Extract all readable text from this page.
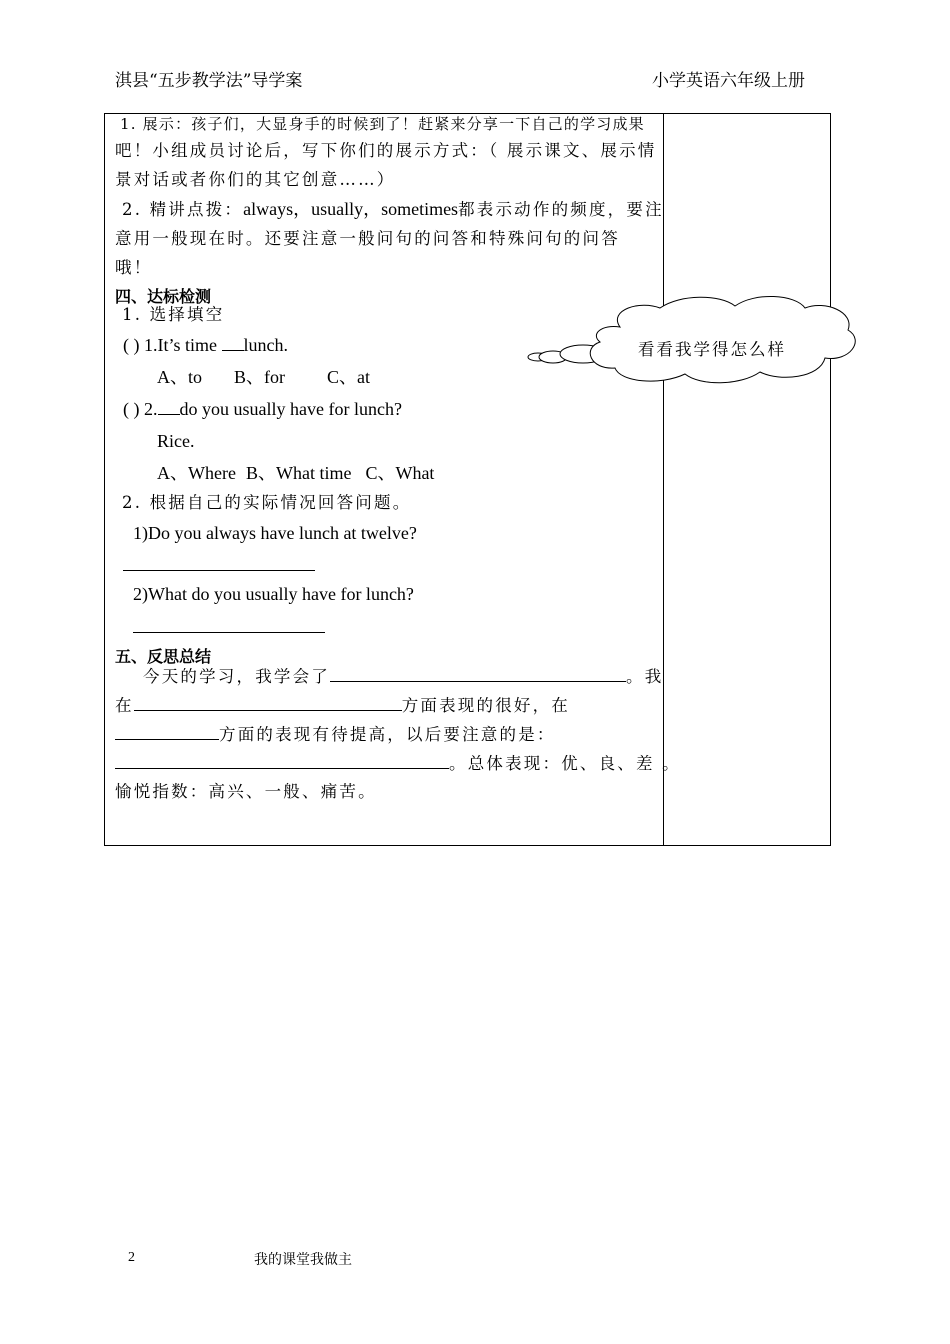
淇县“五步教学法”导学案	小学英语六年级上册
1. 展示：孩子们，大显身手的时候到了！赶紧来分享一下自己的学习成果
吧！小组成员讨论后，写下你们的展示方式：（ 展示课文、展示情
景对话或者你们的其它创意……）
2. 精讲点拨：always，usually，sometimes都表示动作的频度，要注
意用一般现在时。还要注意一般问句的问答和特殊问句的问答
哦！
四、达标检测
1. 选择填空
( ) 1.It’s time lunch.
A、to B、for C、at
( ) 2. do you usually have for lunch?
Rice.
A、Where B、What time C、What
2. 根据自己的实际情况回答问题。
1)Do you always have lunch at twelve?
2)What do you usually have for lunch?
五、反思总结
今天的学习，我学会了	。我
在	方面表现的很好，在
方面的表现有待提高，以后要注意的是：
。总体表现：优、良、差 。
愉悦指数：高兴、一般、痛苦。
看看我学得怎么样
2	我的课堂我做主
